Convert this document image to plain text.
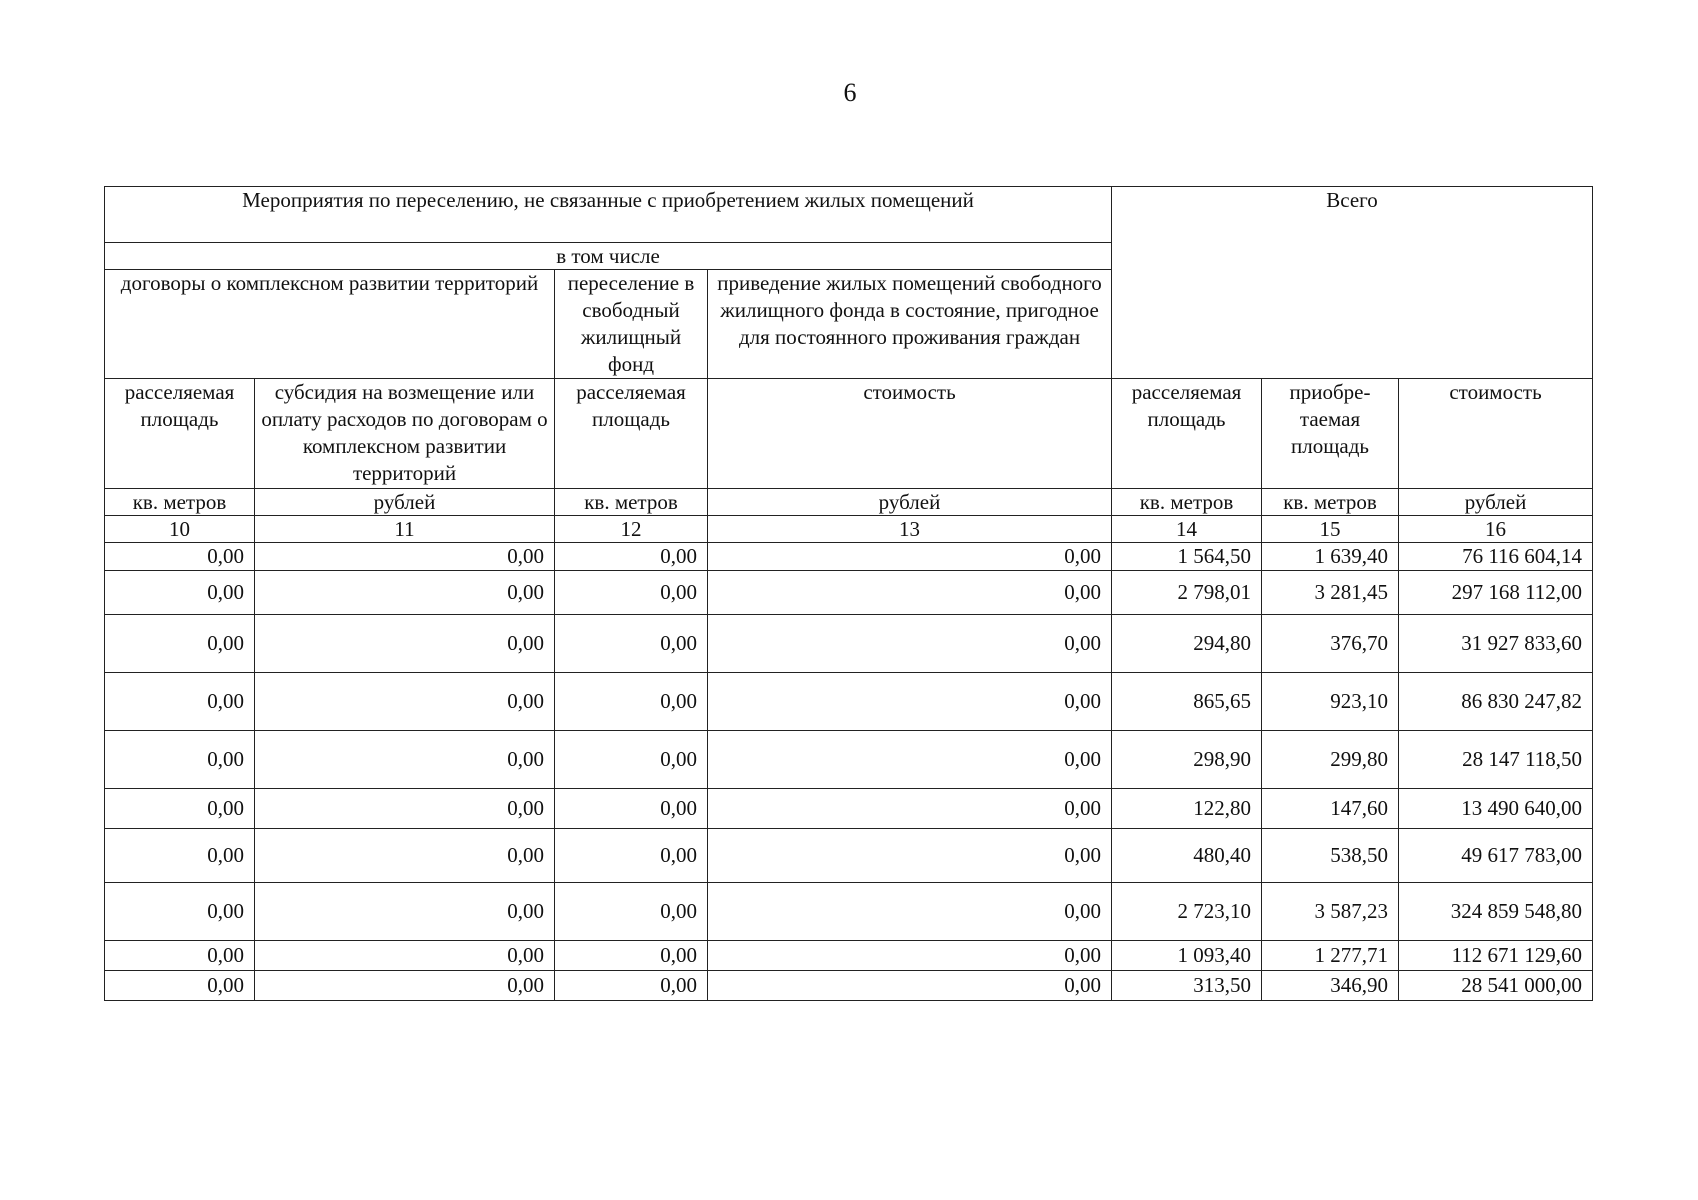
6
Мероприятия по переселению, не связанные с приобретением жилых помещений				Всего		
в том числе						
договоры о комплексном развитии территорий		переселение в свободный жилищный фонд	приведение жилых помещений свободного жилищного фонда в состояние, пригодное для постоянного проживания граждан			
расселяемая площадь	субсидия на возмещение или оплату расходов по договорам о комплексном развитии территорий	расселяемая площадь	стоимость	расселяемая площадь	приобре-таемая площадь	стоимость
кв. метров	рублей	кв. метров	рублей	кв. метров	кв. метров	рублей
10	11	12	13	14	15	16
0,00	0,00	0,00	0,00	1 564,50	1 639,40	76 116 604,14
0,00	0,00	0,00	0,00	2 798,01	3 281,45	297 168 112,00
0,00	0,00	0,00	0,00	294,80	376,70	31 927 833,60
0,00	0,00	0,00	0,00	865,65	923,10	86 830 247,82
0,00	0,00	0,00	0,00	298,90	299,80	28 147 118,50
0,00	0,00	0,00	0,00	122,80	147,60	13 490 640,00
0,00	0,00	0,00	0,00	480,40	538,50	49 617 783,00
0,00	0,00	0,00	0,00	2 723,10	3 587,23	324 859 548,80
0,00	0,00	0,00	0,00	1 093,40	1 277,71	112 671 129,60
0,00	0,00	0,00	0,00	313,50	346,90	28 541 000,00
